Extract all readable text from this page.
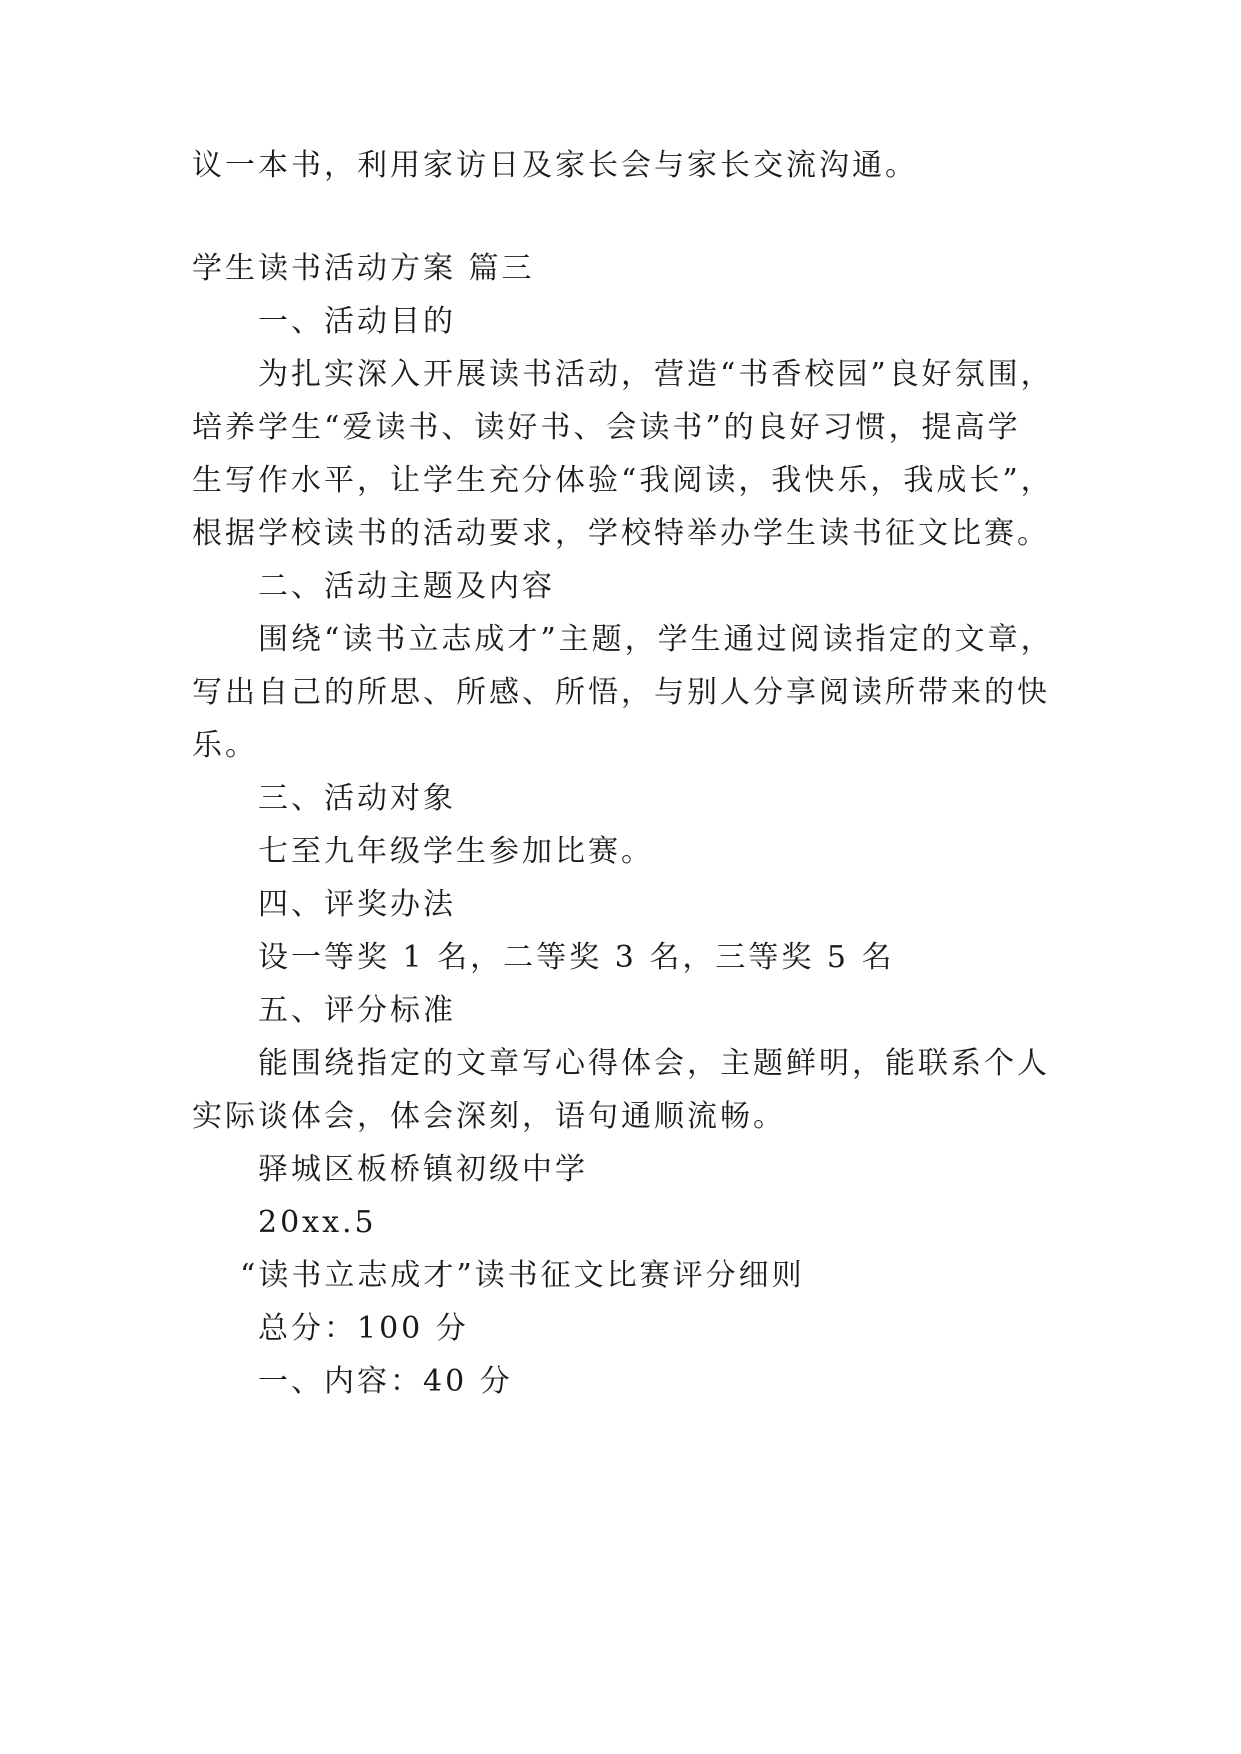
议一本书，利用家访日及家长会与家长交流沟通。

学生读书活动方案 篇三

一、活动目的

为扎实深入开展读书活动，营造“书香校园”良好氛围，

培养学生“爱读书、读好书、会读书”的良好习惯，提高学

生写作水平，让学生充分体验“我阅读，我快乐，我成长”，

根据学校读书的活动要求，学校特举办学生读书征文比赛。

二、活动主题及内容

围绕“读书立志成才”主题，学生通过阅读指定的文章，

写出自己的所思、所感、所悟，与别人分享阅读所带来的快

乐。

三、活动对象

七至九年级学生参加比赛。

四、评奖办法

设一等奖 1 名，二等奖 3 名，三等奖 5 名

五、评分标准

能围绕指定的文章写心得体会，主题鲜明，能联系个人

实际谈体会，体会深刻，语句通顺流畅。

驿城区板桥镇初级中学

20xx.5

“读书立志成才”读书征文比赛评分细则

总分：100 分

一、内容：40 分
